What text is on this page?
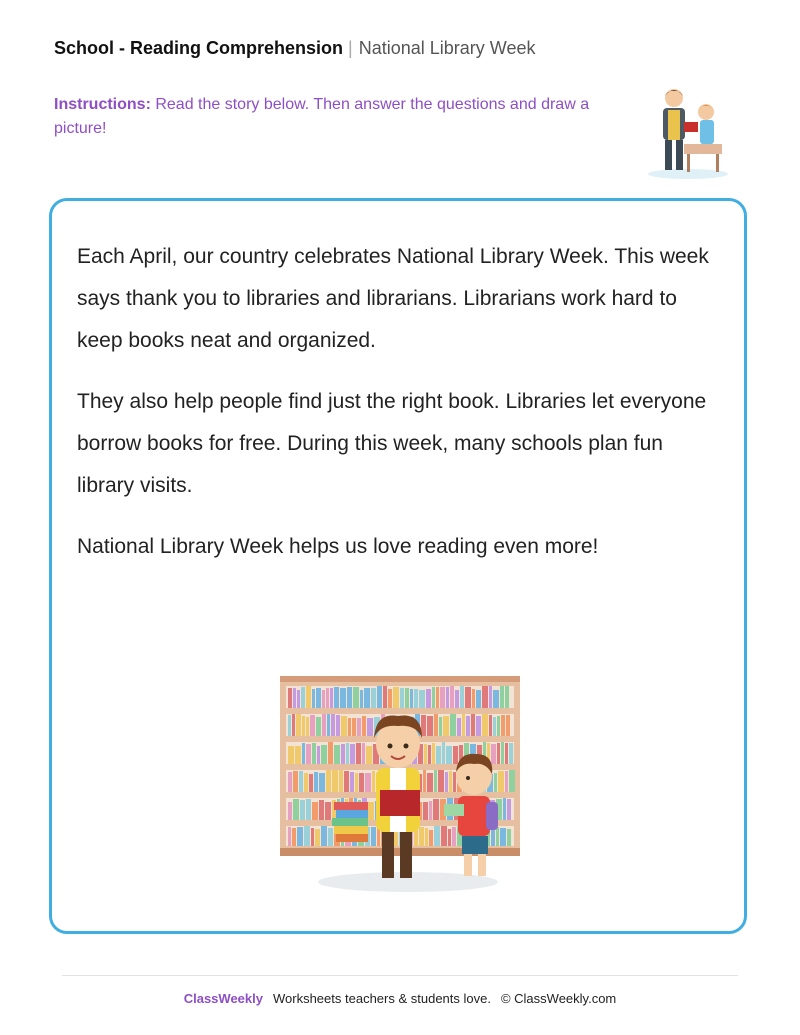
School - Reading Comprehension | National Library Week
Instructions: Read the story below. Then answer the questions and draw a picture!

Each April, our country celebrates National Library Week. This week says thank you to libraries and librarians. Librarians work hard to keep books neat and organized.

They also help people find just the right book. Libraries let everyone borrow books for free. During this week, many schools plan fun library visits.

National Library Week helps us love reading even more!

ClassWeekly Worksheets teachers & students love. © ClassWeekly.com
